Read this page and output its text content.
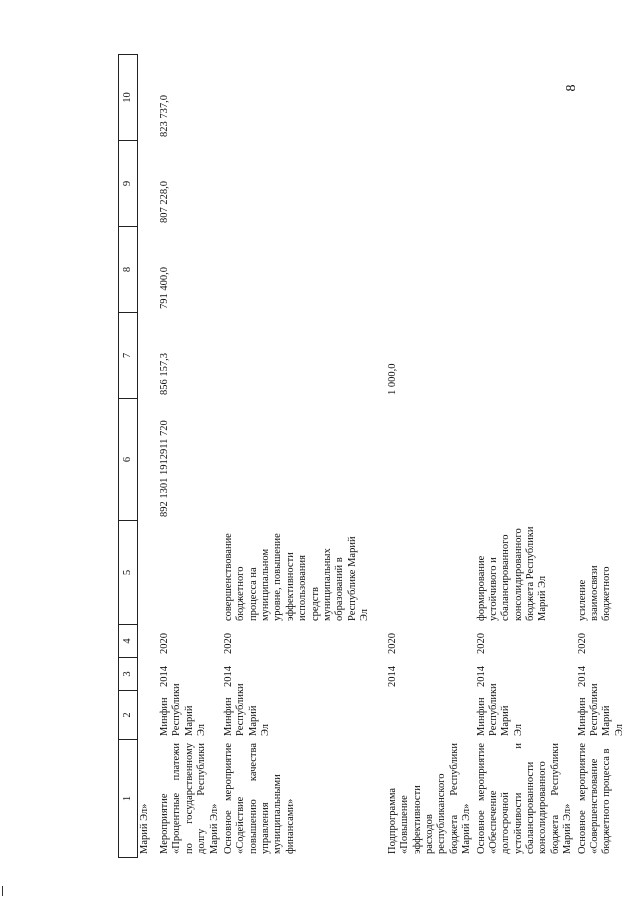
8
1	2	3	4	5	6	7	8	9	10
Марий Эл»									
Мероприятие «Процентные платежи по государственному долгу Республики Марий Эл»	Минфин Республики Марий Эл	2014	2020		892 1301 1912911 720	856 157,3	791 400,0	807 228,0	823 737,0
Основное мероприятие «Содействие повышению качества управления муниципальными финансами»	Минфин Республики Марий Эл	2014	2020	совершенствование бюджетного процесса на муниципальном уровне, повышение эффективности использования средств муниципальных образований в Республике Марий Эл					
Подпрограмма «Повышение эффективности расходов республиканского бюджета Республики Марий Эл»		2014	2020			1 000,0			
Основное мероприятие «Обеспечение долгосрочной устойчивости и сбалансированности консолидированного бюджета Республики Марий Эл»	Минфин Республики Марий Эл	2014	2020	формирование устойчивого и сбалансированного консолидированного бюджета Республики Марий Эл					
Основное мероприятие «Совершенствование бюджетного процесса в	Минфин Республики Марий Эл	2014	2020	усиление взаимосвязи бюджетного					
